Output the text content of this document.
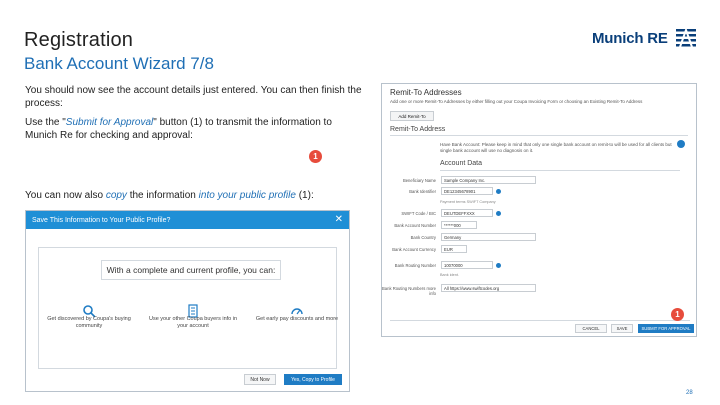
Registration
Bank Account Wizard 7/8
Munich RE
You should now see the account details just entered. You can then finish the process:
Use the "Submit for Approval" button (1) to transmit the information to Munich Re for checking and approval:
You can now also copy the information into your public profile (1):
Save This Information to Your Public Profile?	✕
With a complete and current profile, you can:
Get discovered by Coupa's buying community
Use your other Coupa buyers info in your account
Get early pay discounts and more
Not Now	Yes, Copy to Profile
1
Remit-To Addresses
Add one or more Remit-To Addresses by either filling out your Coupa Invoicing Form or choosing an Existing Remit-To Address
Add Remit-To
Remit-To Address
Have Bank Account: Please keep in mind that only one single bank account on remit-to will be used for all clients but single bank account will use no diagnosis on it.
Account Data
Beneficiary Name	Sample Company Inc.
Bank Identifier	DE12345678901
Payment terms SWIFT Company
SWIFT Code / BIC	DEUTDEFFXXX
Bank Account Number	******000
Bank Country	Germany
Bank Account Currency	EUR
Bank Routing Number	10070000
Bank ident.
Bank Routing Numbers more info
All https://www.swiftcodes.org
CANCEL	SAVE	SUBMIT FOR APPROVAL
1
28
